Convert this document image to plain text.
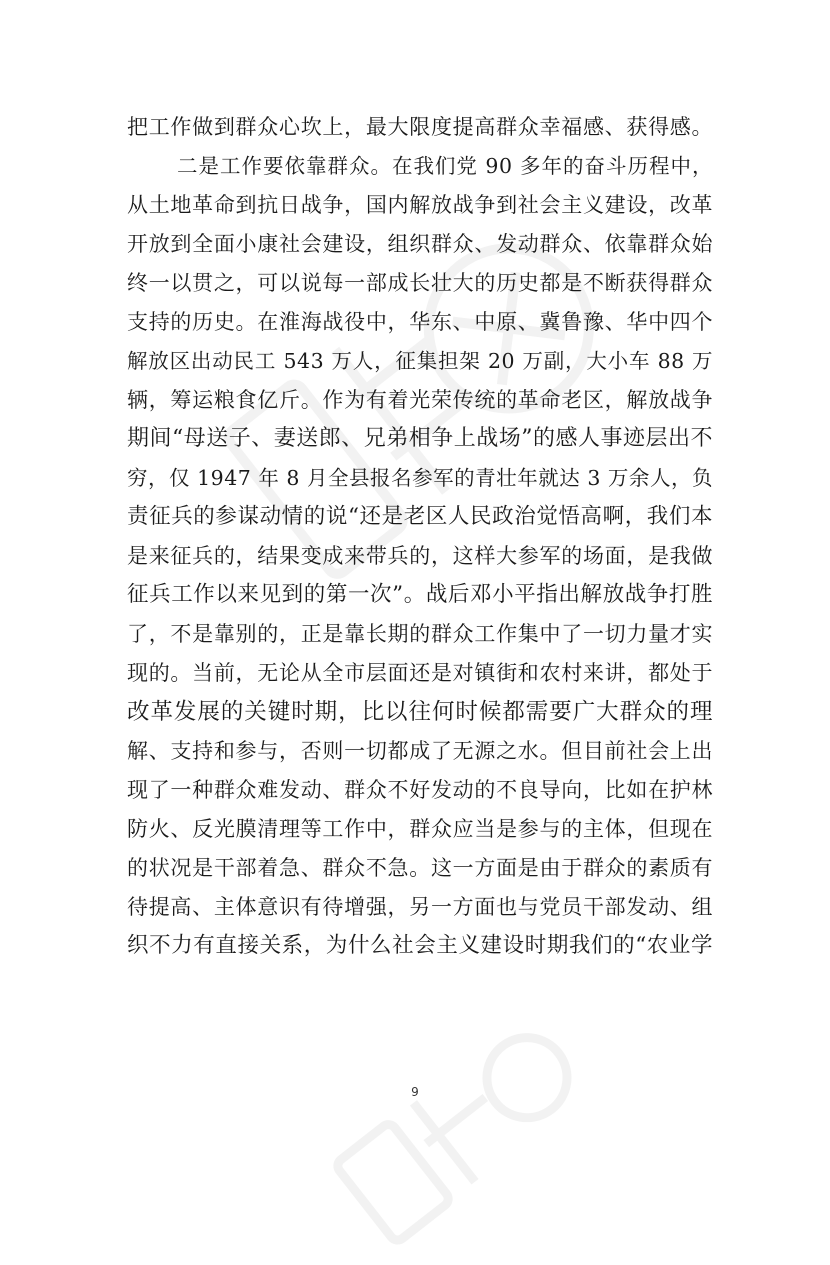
把工作做到群众心坎上，最大限度提高群众幸福感、获得感。
二是工作要依靠群众。在我们党 90 多年的奋斗历程中，
从土地革命到抗日战争，国内解放战争到社会主义建设，改革
开放到全面小康社会建设，组织群众、发动群众、依靠群众始
终一以贯之，可以说每一部成长壮大的历史都是不断获得群众
支持的历史。在淮海战役中，华东、中原、冀鲁豫、华中四个
解放区出动民工 543 万人，征集担架 20 万副，大小车 88 万
辆，筹运粮食亿斤。作为有着光荣传统的革命老区，解放战争
期间“母送子、妻送郎、兄弟相争上战场”的感人事迹层出不
穷，仅 1947 年 8 月全县报名参军的青壮年就达 3 万余人，负
责征兵的参谋动情的说“还是老区人民政治觉悟高啊，我们本
是来征兵的，结果变成来带兵的，这样大参军的场面，是我做
征兵工作以来见到的第一次”。战后邓小平指出解放战争打胜
了，不是靠别的，正是靠长期的群众工作集中了一切力量才实
现的。当前，无论从全市层面还是对镇街和农村来讲，都处于
改革发展的关键时期，比以往何时候都需要广大群众的理
解、支持和参与，否则一切都成了无源之水。但目前社会上出
现了一种群众难发动、群众不好发动的不良导向，比如在护林
防火、反光膜清理等工作中，群众应当是参与的主体，但现在
的状况是干部着急、群众不急。这一方面是由于群众的素质有
待提高、主体意识有待增强，另一方面也与党员干部发动、组
织不力有直接关系，为什么社会主义建设时期我们的“农业学
9
